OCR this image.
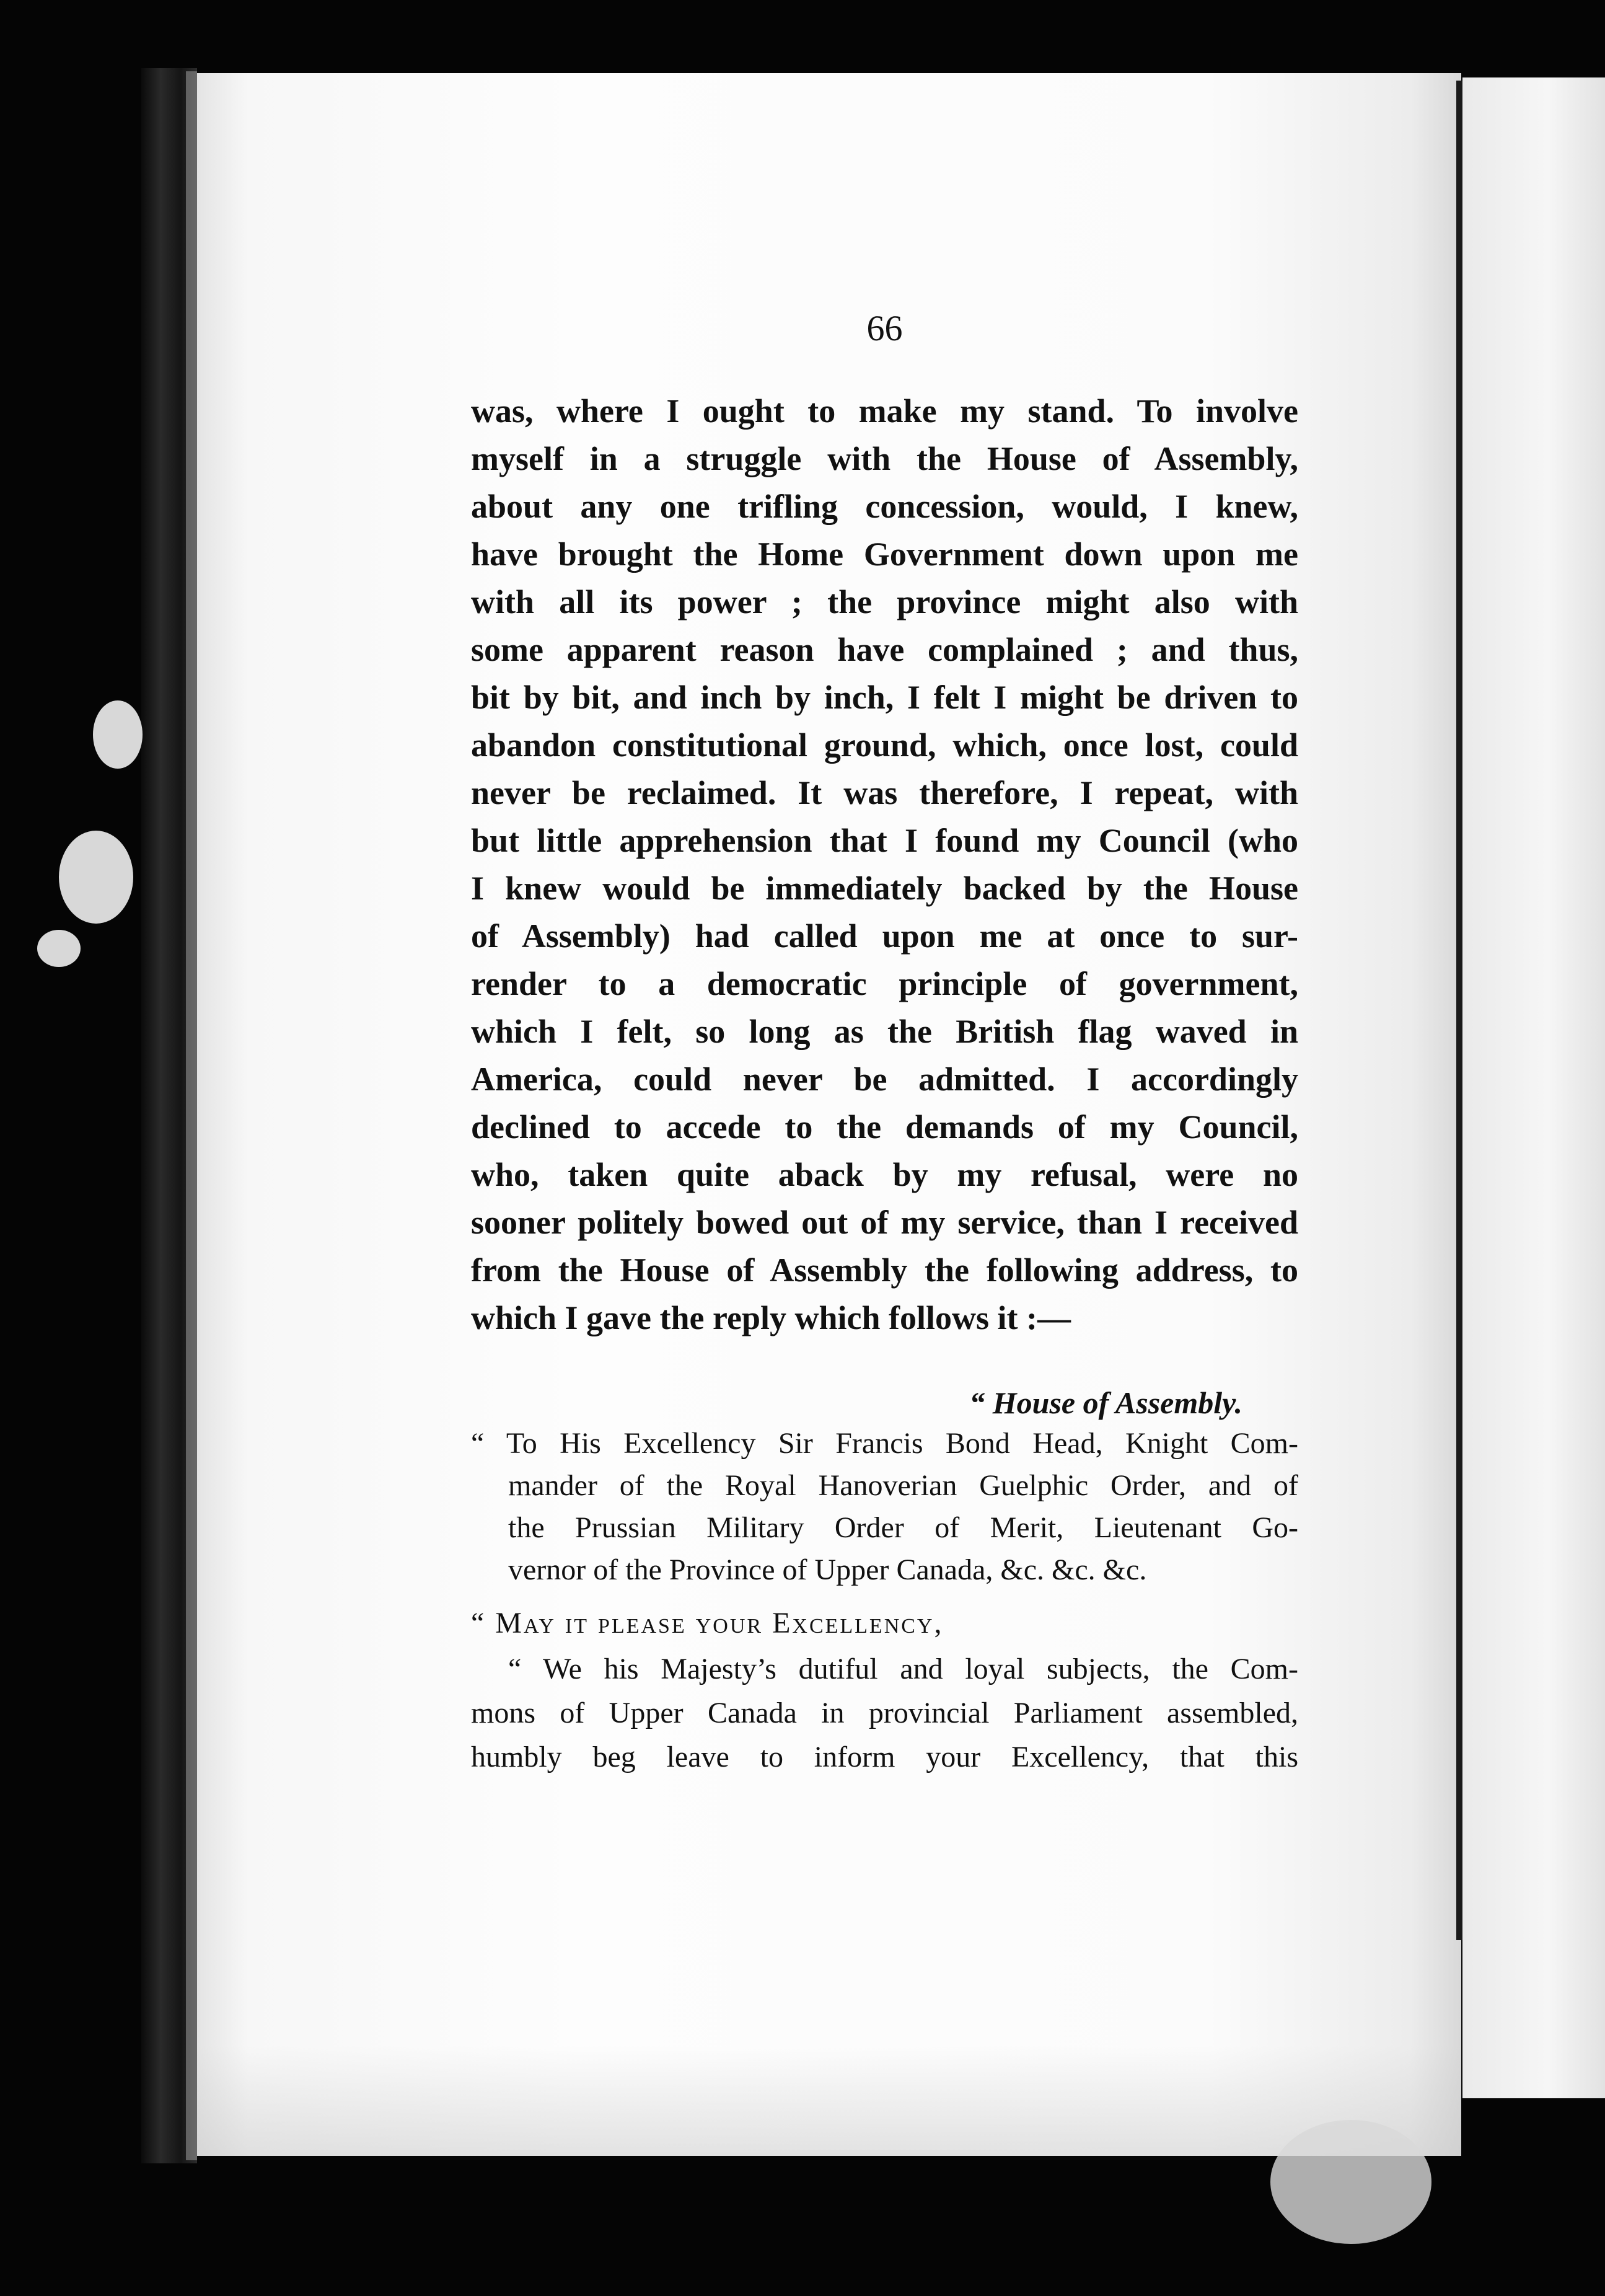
66
was, where I ought to make my stand. To involve
myself in a struggle with the House of Assembly,
about any one trifling concession, would, I knew,
have brought the Home Government down upon me
with all its power ; the province might also with
some apparent reason have complained ; and thus,
bit by bit, and inch by inch, I felt I might be driven to
abandon constitutional ground, which, once lost, could
never be reclaimed. It was therefore, I repeat, with
but little apprehension that I found my Council (who
I knew would be immediately backed by the House
of Assembly) had called upon me at once to sur-
render to a democratic principle of government,
which I felt, so long as the British flag waved in
America, could never be admitted. I accordingly
declined to accede to the demands of my Council,
who, taken quite aback by my refusal, were no
sooner politely bowed out of my service, than I received
from the House of Assembly the following address, to
which I gave the reply which follows it :—
“ House of Assembly.
“ To His Excellency Sir Francis Bond Head, Knight Com-
mander of the Royal Hanoverian Guelphic Order, and of
the Prussian Military Order of Merit, Lieutenant Go-
vernor of the Province of Upper Canada, &c. &c. &c.
“ May it please your Excellency,
“ We his Majesty’s dutiful and loyal subjects, the Com-
mons of Upper Canada in provincial Parliament assembled,
humbly beg leave to inform your Excellency, that this
